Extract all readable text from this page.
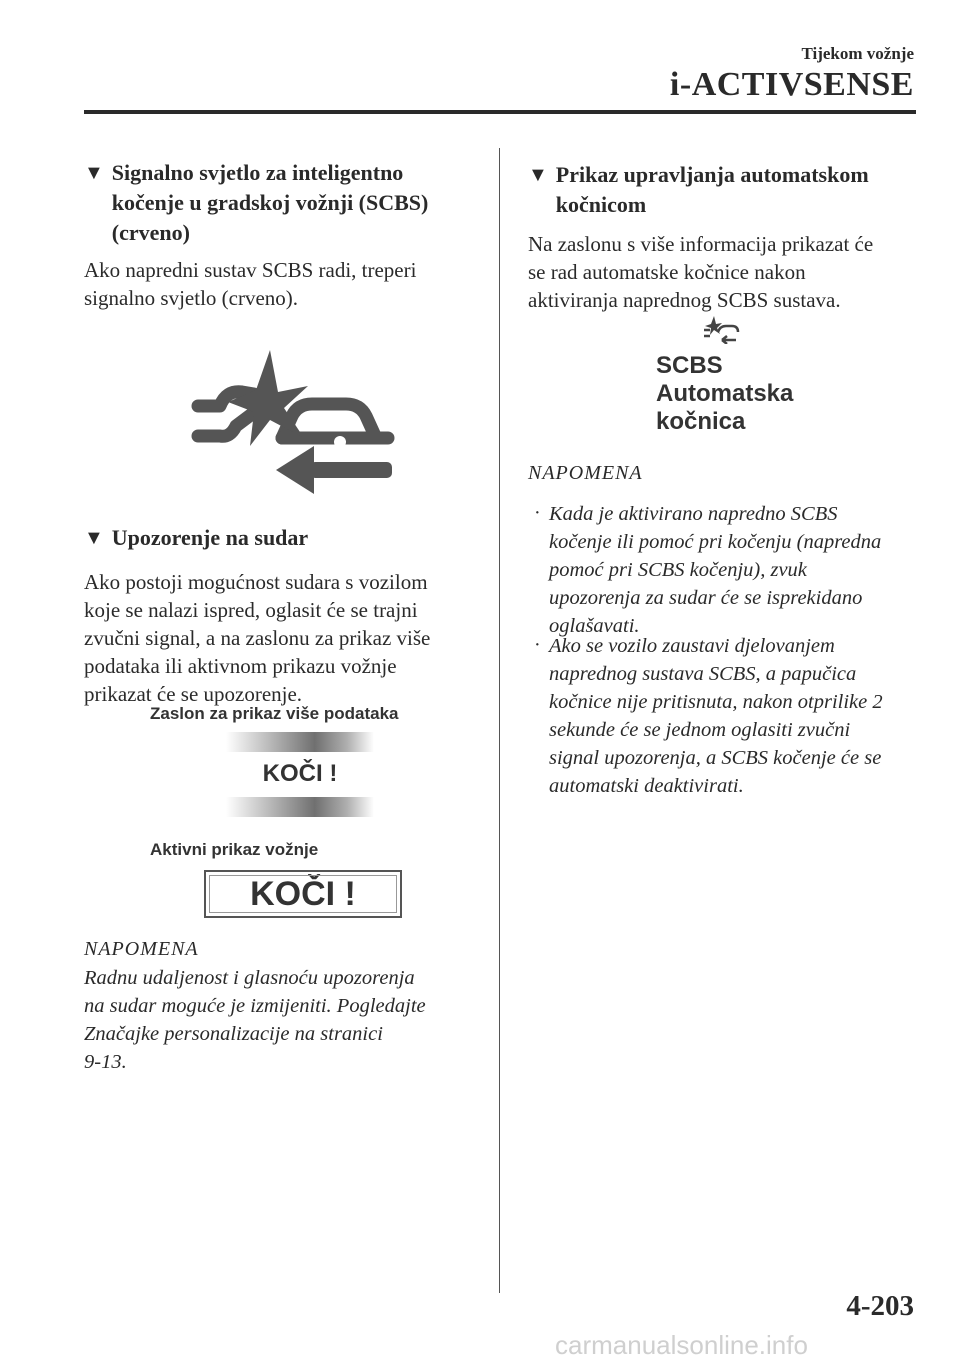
Tijekom vožnje
i-ACTIVSENSE
▼ Signalno svjetlo za inteligentno
kočenje u gradskoj vožnji (SCBS)
(crveno)
Ako napredni sustav SCBS radi, treperi
signalno svjetlo (crveno).
▼ Upozorenje na sudar
Ako postoji mogućnost sudara s vozilom
koje se nalazi ispred, oglasit će se trajni
zvučni signal, a na zaslonu za prikaz više
podataka ili aktivnom prikazu vožnje
prikazat će se upozorenje.
Zaslon za prikaz više podataka
KOČI !
Aktivni prikaz vožnje
KOČI !
NAPOMENA
Radnu udaljenost i glasnoću upozorenja
na sudar moguće je izmijeniti. Pogledajte
Značajke personalizacije na stranici
9-13.
▼ Prikaz upravljanja automatskom
kočnicom
Na zaslonu s više informacija prikazat će
se rad automatske kočnice nakon
aktiviranja naprednog SCBS sustava.
SCBS
Automatska
kočnica
NAPOMENA
· Kada je aktivirano napredno SCBS
kočenje ili pomoć pri kočenju (napredna
pomoć pri SCBS kočenju), zvuk
upozorenja za sudar će se isprekidano
oglašavati.
· Ako se vozilo zaustavi djelovanjem
naprednog sustava SCBS, a papučica
kočnice nije pritisnuta, nakon otprilike 2
sekunde će se jednom oglasiti zvučni
signal upozorenja, a SCBS kočenje će se
automatski deaktivirati.
4-203
carmanualsonline.info
